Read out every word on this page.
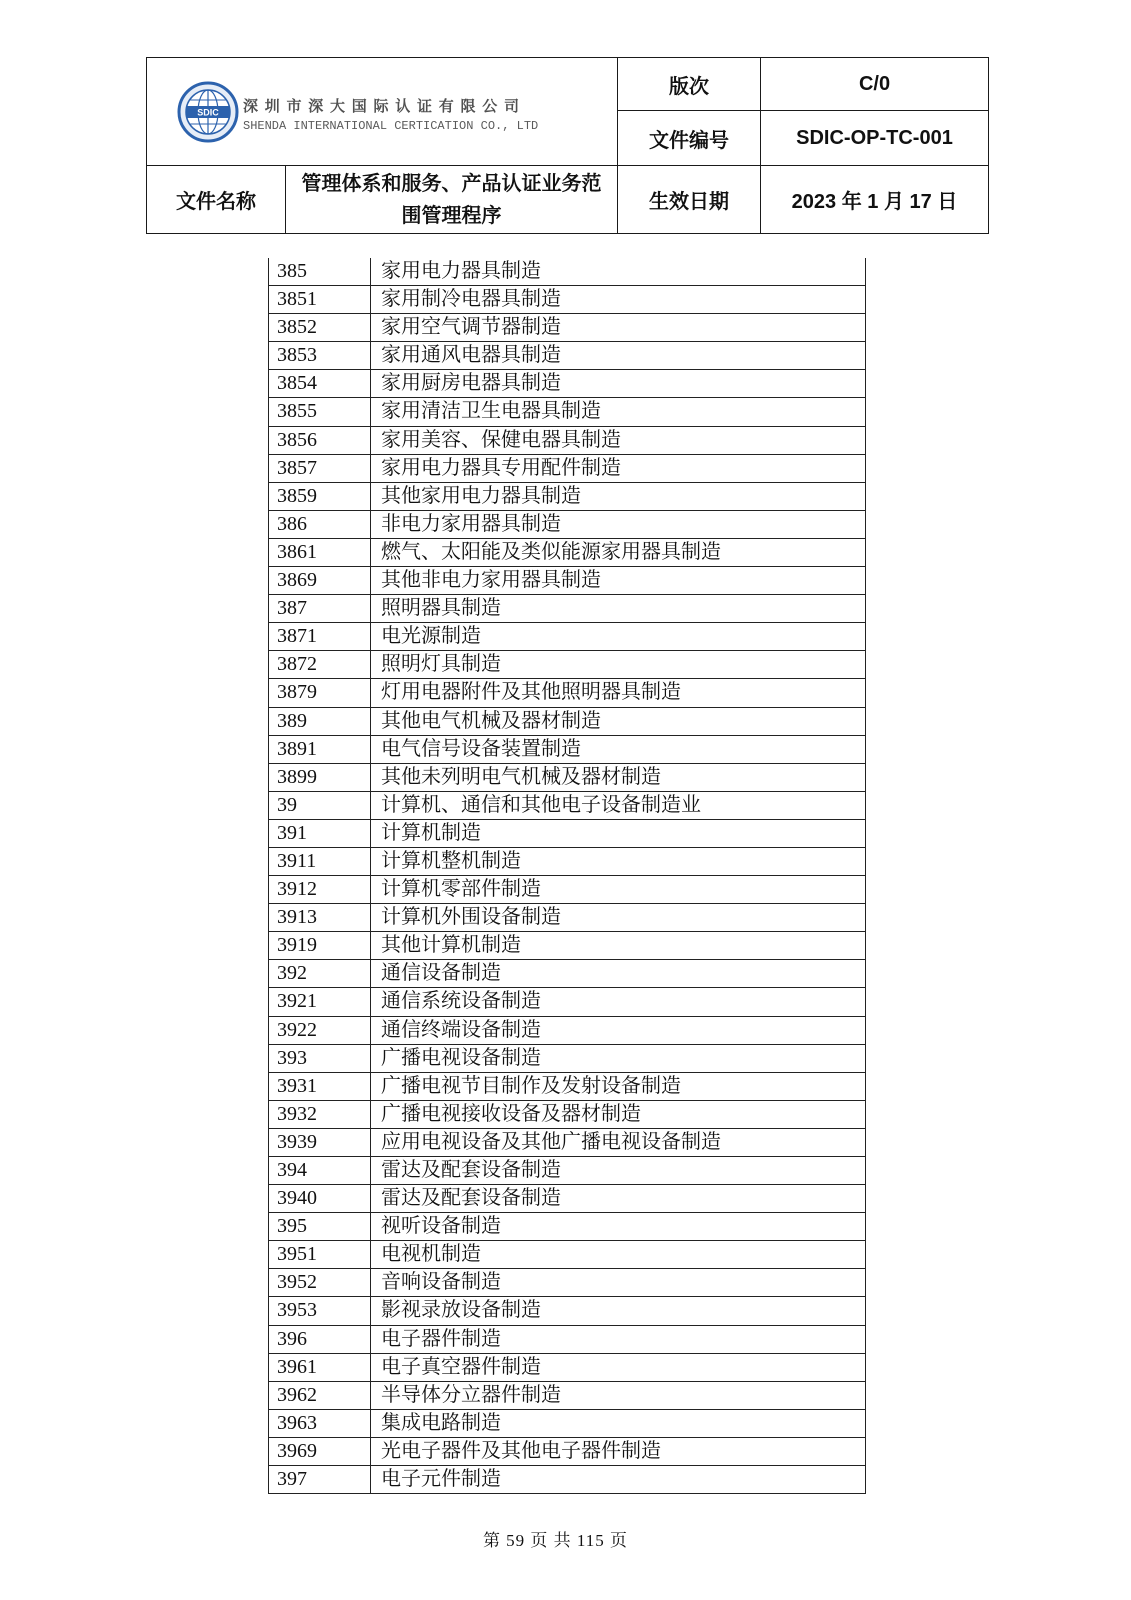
SDIC 深 圳 市 深 大 国 际 认 证 有 限 公 司
SHENDA INTERNATIONAL CERTICATION CO., LTD		版次	C/0
		文件编号	SDIC-OP-TC-001
文件名称	管理体系和服务、产品认证业务范围管理程序	生效日期	2023 年 1 月 17 日
385	家用电力器具制造
3851	家用制冷电器具制造
3852	家用空气调节器制造
3853	家用通风电器具制造
3854	家用厨房电器具制造
3855	家用清洁卫生电器具制造
3856	家用美容、保健电器具制造
3857	家用电力器具专用配件制造
3859	其他家用电力器具制造
386	非电力家用器具制造
3861	燃气、太阳能及类似能源家用器具制造
3869	其他非电力家用器具制造
387	照明器具制造
3871	电光源制造
3872	照明灯具制造
3879	灯用电器附件及其他照明器具制造
389	其他电气机械及器材制造
3891	电气信号设备装置制造
3899	其他未列明电气机械及器材制造
39	计算机、通信和其他电子设备制造业
391	计算机制造
3911	计算机整机制造
3912	计算机零部件制造
3913	计算机外围设备制造
3919	其他计算机制造
392	通信设备制造
3921	通信系统设备制造
3922	通信终端设备制造
393	广播电视设备制造
3931	广播电视节目制作及发射设备制造
3932	广播电视接收设备及器材制造
3939	应用电视设备及其他广播电视设备制造
394	雷达及配套设备制造
3940	雷达及配套设备制造
395	视听设备制造
3951	电视机制造
3952	音响设备制造
3953	影视录放设备制造
396	电子器件制造
3961	电子真空器件制造
3962	半导体分立器件制造
3963	集成电路制造
3969	光电子器件及其他电子器件制造
397	电子元件制造
第 59 页 共 115 页
